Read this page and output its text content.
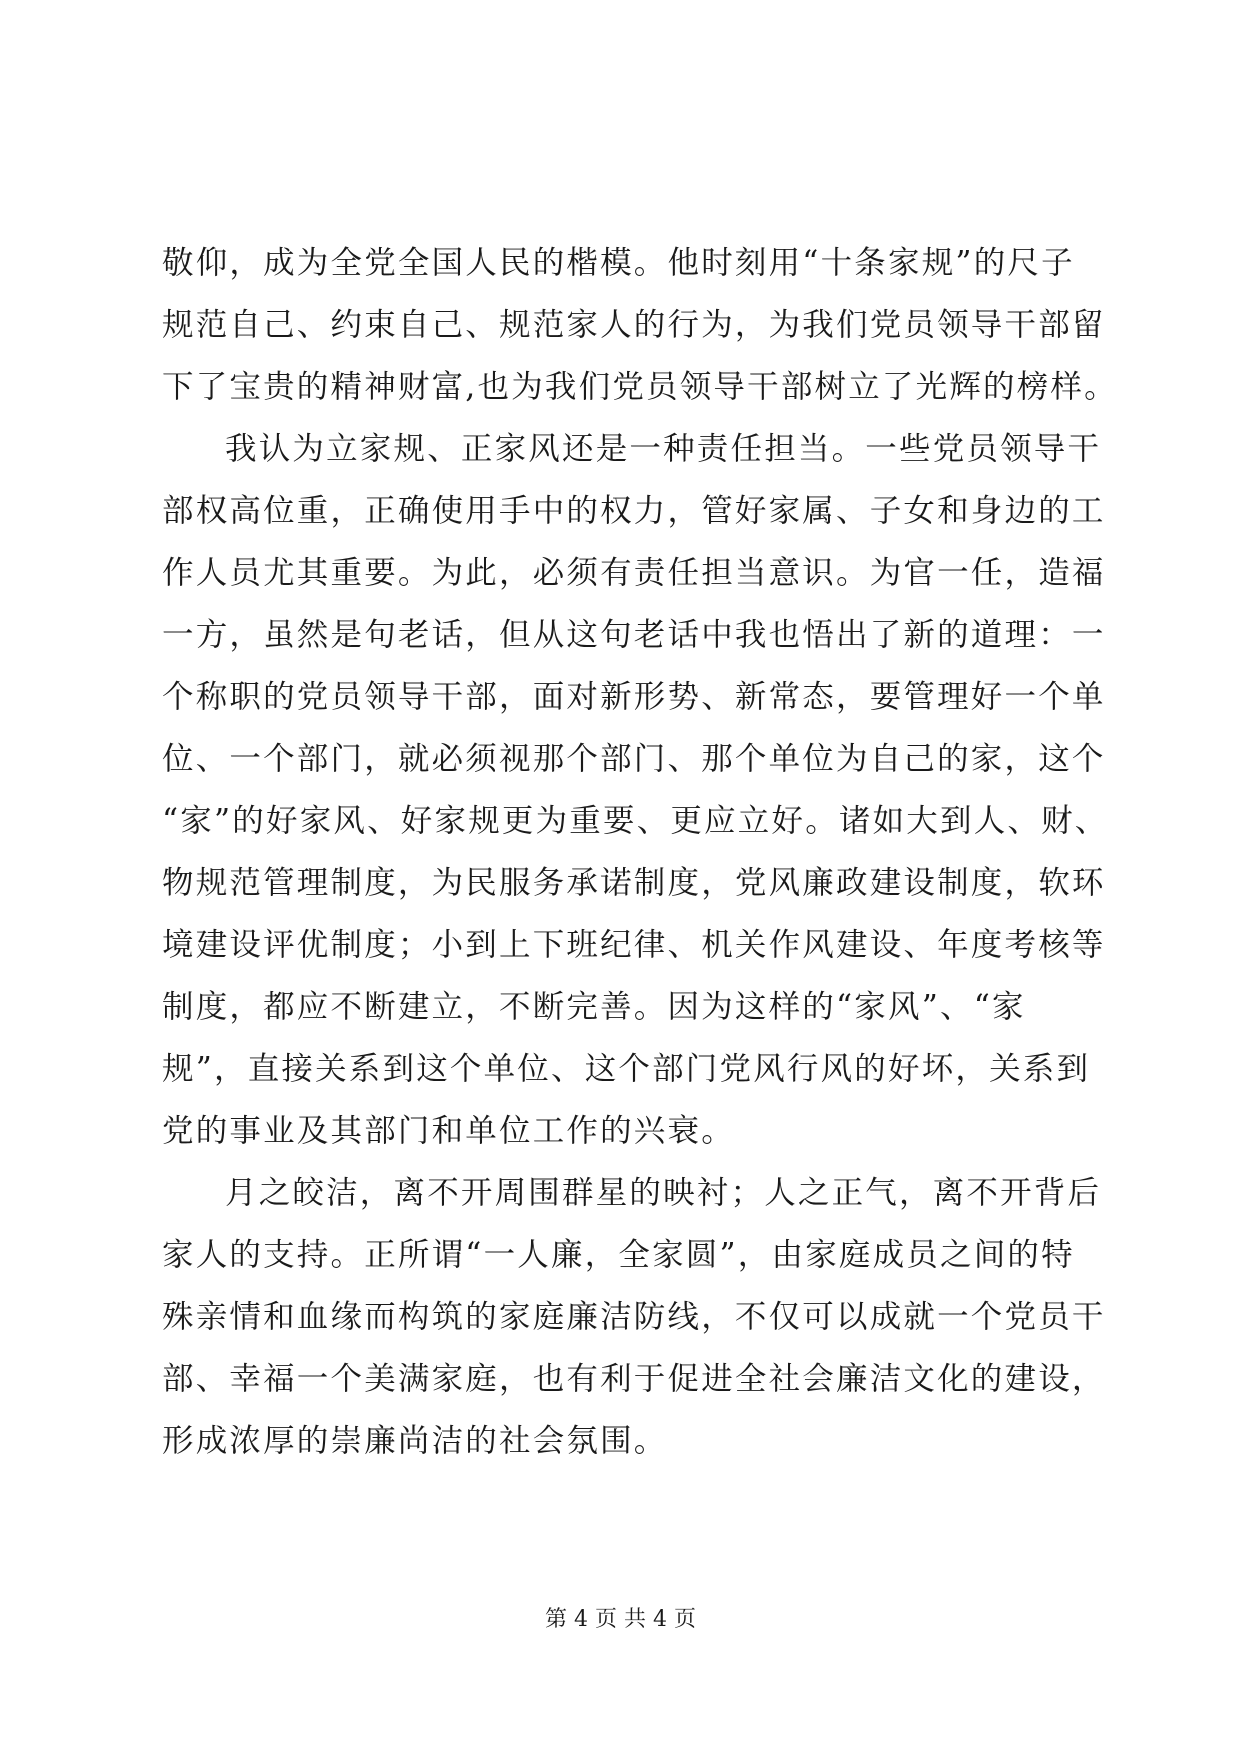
敬仰，成为全党全国人民的楷模。他时刻用“十条家规”的尺子
规范自己、约束自己、规范家人的行为，为我们党员领导干部留
下了宝贵的精神财富,也为我们党员领导干部树立了光辉的榜样。
我认为立家规、正家风还是一种责任担当。一些党员领导干
部权高位重，正确使用手中的权力，管好家属、子女和身边的工
作人员尤其重要。为此，必须有责任担当意识。为官一任，造福
一方，虽然是句老话，但从这句老话中我也悟出了新的道理：一
个称职的党员领导干部，面对新形势、新常态，要管理好一个单
位、一个部门，就必须视那个部门、那个单位为自己的家，这个
“家”的好家风、好家规更为重要、更应立好。诸如大到人、财、
物规范管理制度，为民服务承诺制度，党风廉政建设制度，软环
境建设评优制度；小到上下班纪律、机关作风建设、年度考核等
制度，都应不断建立，不断完善。因为这样的“家风”、“家
规”，直接关系到这个单位、这个部门党风行风的好坏，关系到
党的事业及其部门和单位工作的兴衰。
月之皎洁，离不开周围群星的映衬；人之正气，离不开背后
家人的支持。正所谓“一人廉，全家圆”，由家庭成员之间的特
殊亲情和血缘而构筑的家庭廉洁防线，不仅可以成就一个党员干
部、幸福一个美满家庭，也有利于促进全社会廉洁文化的建设，
形成浓厚的崇廉尚洁的社会氛围。
第 4 页 共 4 页
